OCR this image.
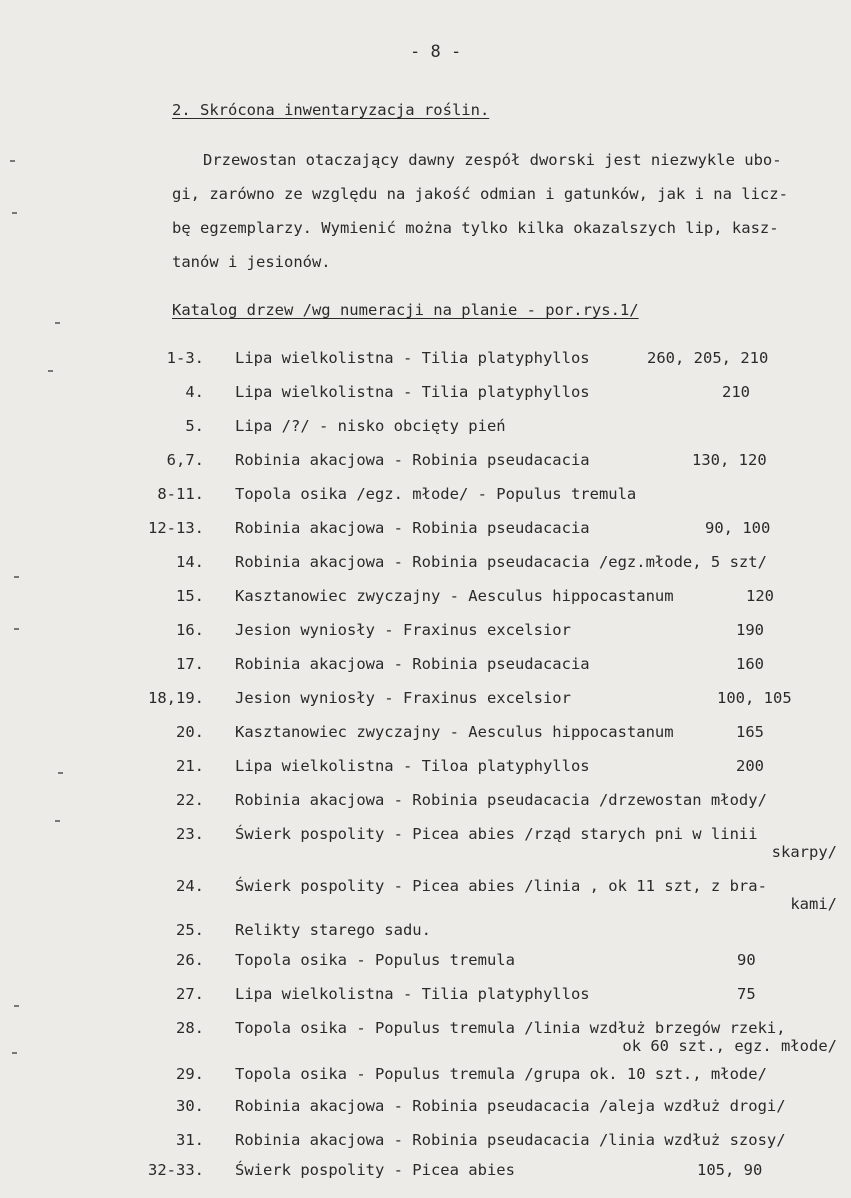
- 8 -
2. Skrócona inwentaryzacja roślin.
Drzewostan otaczający dawny zespół dworski jest niezwykle ubo-
gi, zarówno ze względu na jakość odmian i gatunków, jak i na licz-
bę egzemplarzy. Wymienić można tylko kilka okazalszych lip, kasz-
tanów i jesionów.
Katalog drzew /wg numeracji na planie - por.rys.1/
1-3. Lipa wielkolistna - Tilia platyphyllos	260, 205, 210
4. Lipa wielkolistna - Tilia platyphyllos	210
5. Lipa /?/ - nisko obcięty pień
6,7. Robinia akacjowa - Robinia pseudacacia	130, 120
8-11. Topola osika /egz. młode/ - Populus tremula
12-13. Robinia akacjowa - Robinia pseudacacia	90, 100
14. Robinia akacjowa - Robinia pseudacacia /egz.młode, 5 szt/
15. Kasztanowiec zwyczajny - Aesculus hippocastanum	120
16. Jesion wyniosły - Fraxinus excelsior	190
17. Robinia akacjowa - Robinia pseudacacia	160
18,19. Jesion wyniosły - Fraxinus excelsior	100, 105
20. Kasztanowiec zwyczajny - Aesculus hippocastanum	165
21. Lipa wielkolistna - Tiloa platyphyllos	200
22. Robinia akacjowa - Robinia pseudacacia /drzewostan młody/
23. Świerk pospolity - Picea abies /rząd starych pni w linii
skarpy/
24. Świerk pospolity - Picea abies /linia , ok 11 szt, z bra-
kami/
25. Relikty starego sadu.
26. Topola osika - Populus tremula	90
27. Lipa wielkolistna - Tilia platyphyllos	75
28. Topola osika - Populus tremula /linia wzdłuż brzegów rzeki,
ok 60 szt., egz. młode/
29. Topola osika - Populus tremula /grupa ok. 10 szt., młode/
30. Robinia akacjowa - Robinia pseudacacia /aleja wzdłuż drogi/
31. Robinia akacjowa - Robinia pseudacacia /linia wzdłuż szosy/
32-33. Świerk pospolity - Picea abies	105, 90
